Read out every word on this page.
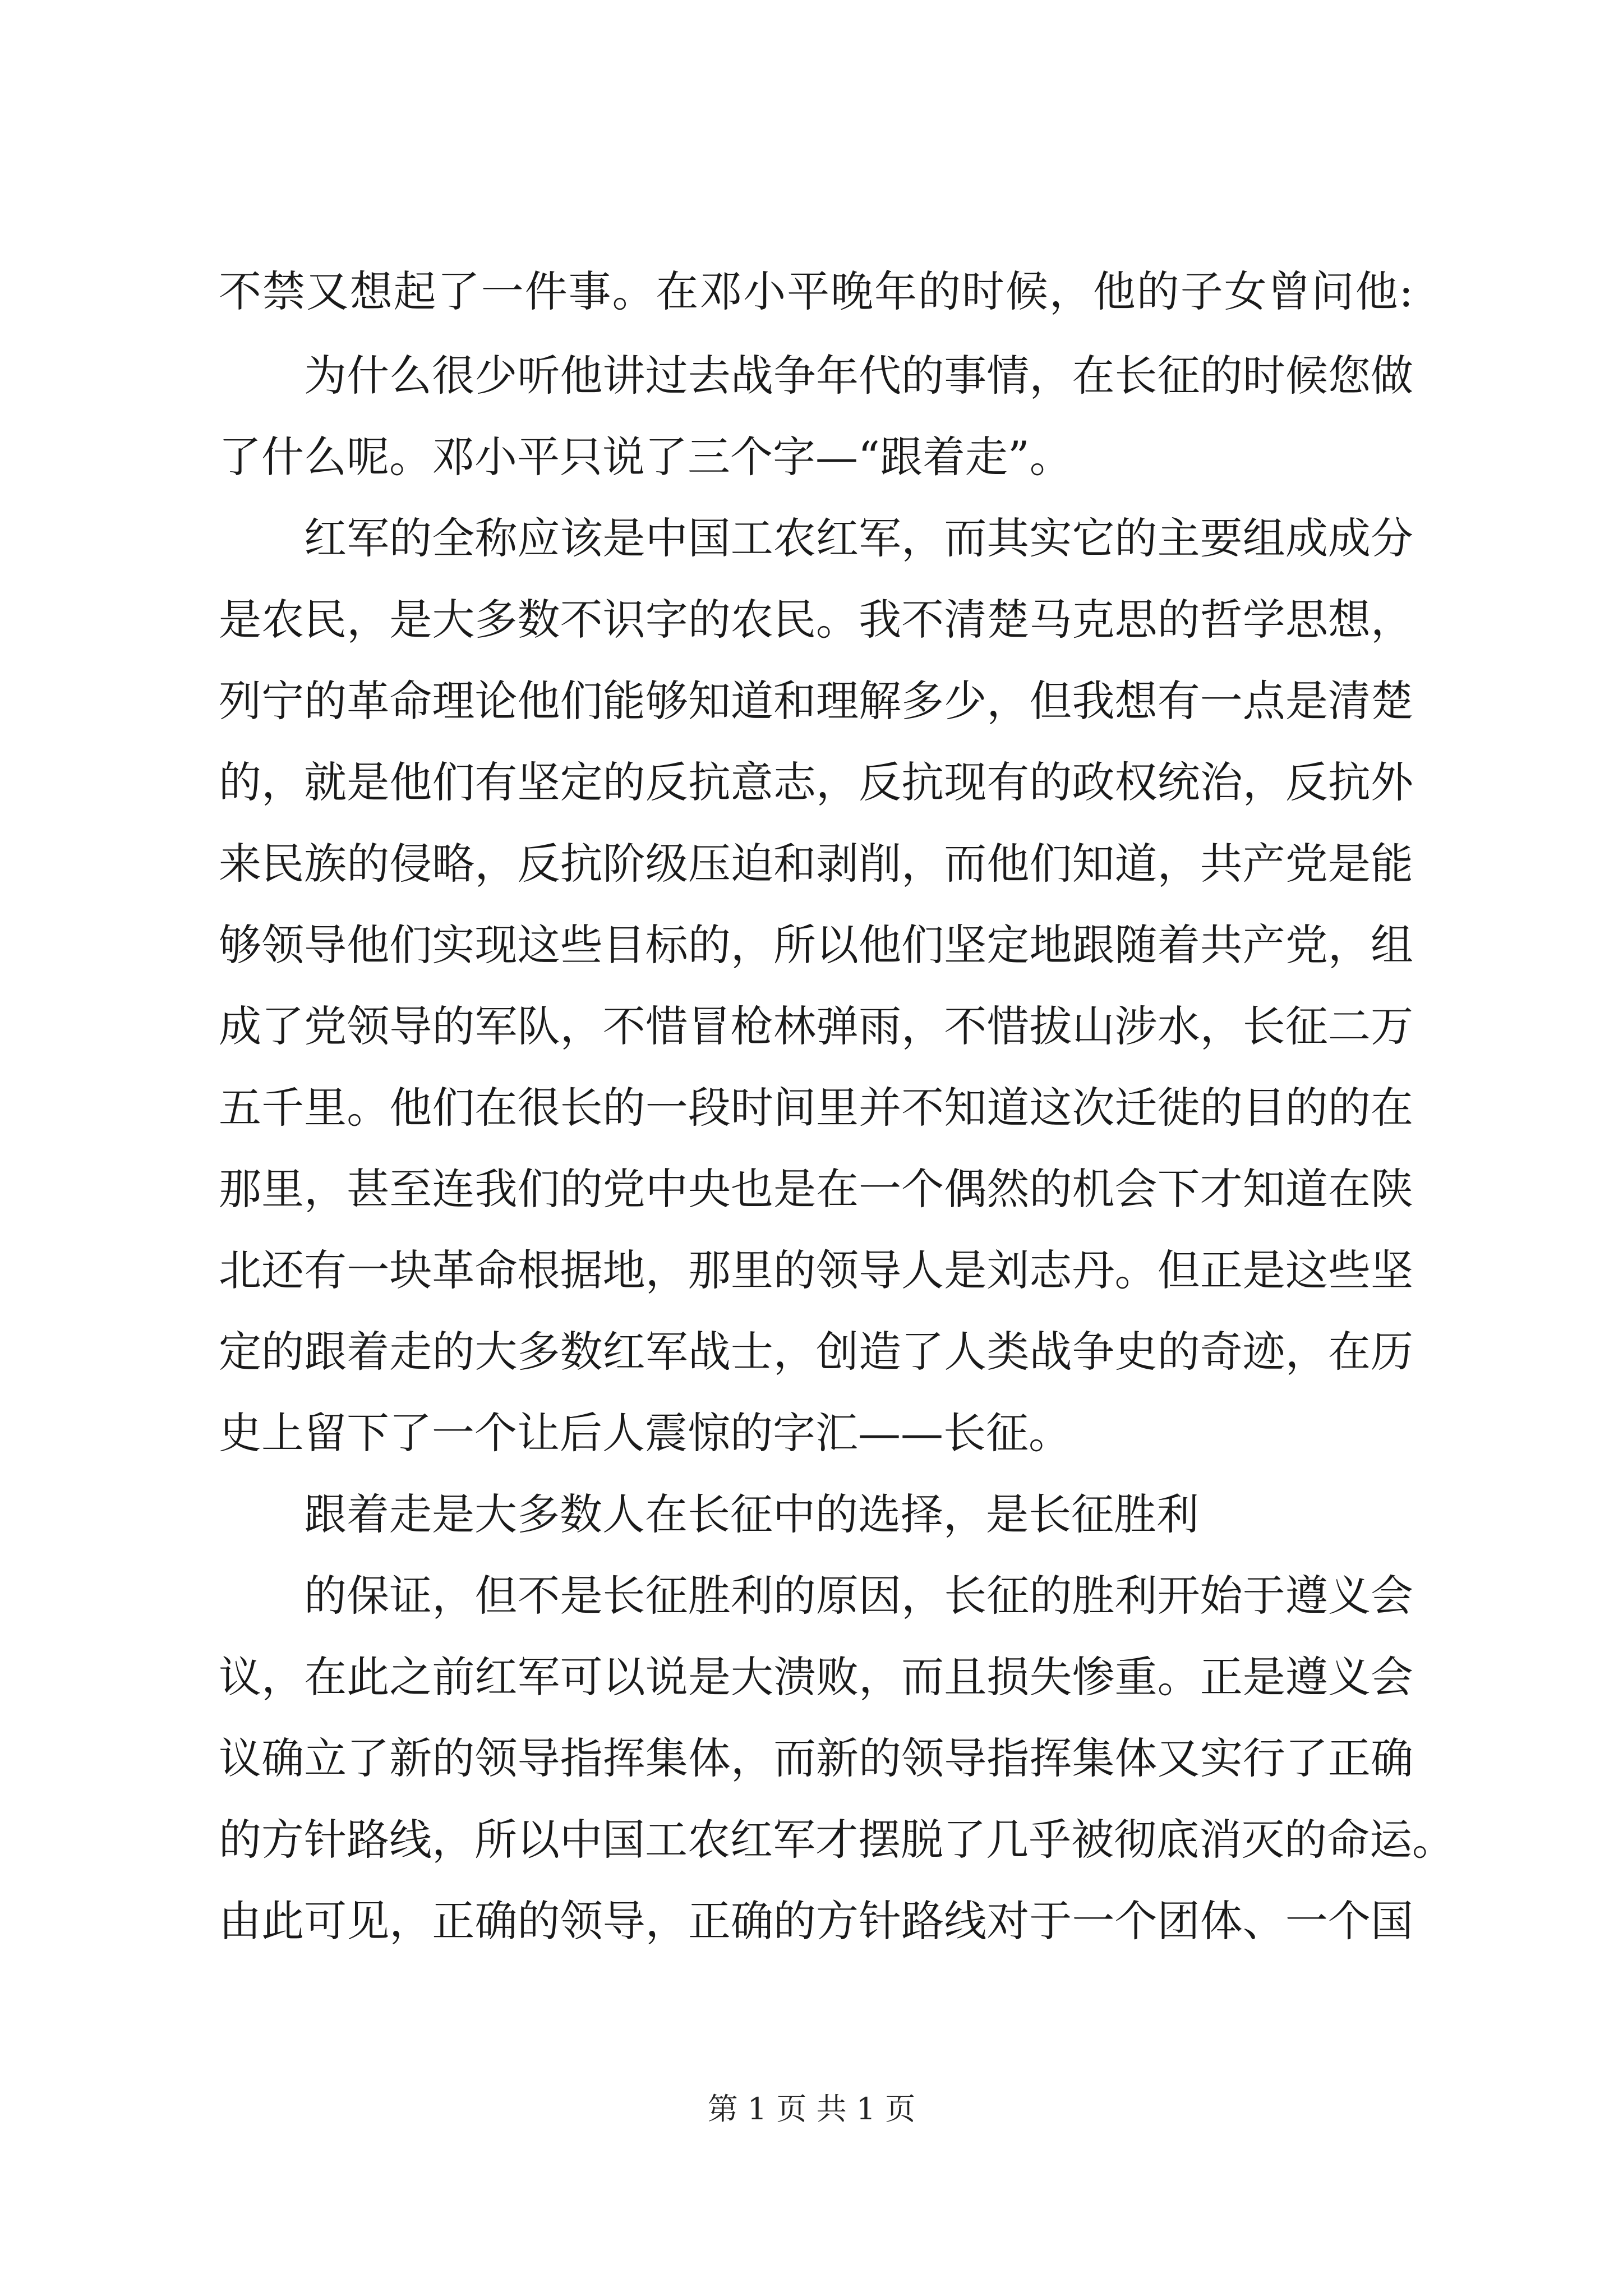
不禁又想起了一件事。在邓小平晚年的时候，他的子女曾问他:
为什么很少听他讲过去战争年代的事情，在长征的时候您做
了什么呢。邓小平只说了三个字—“跟着走”。
红军的全称应该是中国工农红军，而其实它的主要组成成分
是农民，是大多数不识字的农民。我不清楚马克思的哲学思想，
列宁的革命理论他们能够知道和理解多少，但我想有一点是清楚
的，就是他们有坚定的反抗意志，反抗现有的政权统治，反抗外
来民族的侵略，反抗阶级压迫和剥削，而他们知道，共产党是能
够领导他们实现这些目标的，所以他们坚定地跟随着共产党，组
成了党领导的军队，不惜冒枪林弹雨，不惜拔山涉水，长征二万
五千里。他们在很长的一段时间里并不知道这次迁徙的目的的在
那里，甚至连我们的党中央也是在一个偶然的机会下才知道在陕
北还有一块革命根据地，那里的领导人是刘志丹。但正是这些坚
定的跟着走的大多数红军战士，创造了人类战争史的奇迹，在历
史上留下了一个让后人震惊的字汇——长征。
跟着走是大多数人在长征中的选择，是长征胜利
的保证，但不是长征胜利的原因，长征的胜利开始于遵义会
议，在此之前红军可以说是大溃败，而且损失惨重。正是遵义会
议确立了新的领导指挥集体，而新的领导指挥集体又实行了正确
的方针路线，所以中国工农红军才摆脱了几乎被彻底消灭的命运。
由此可见，正确的领导，正确的方针路线对于一个团体、一个国
第 1 页 共 1 页
